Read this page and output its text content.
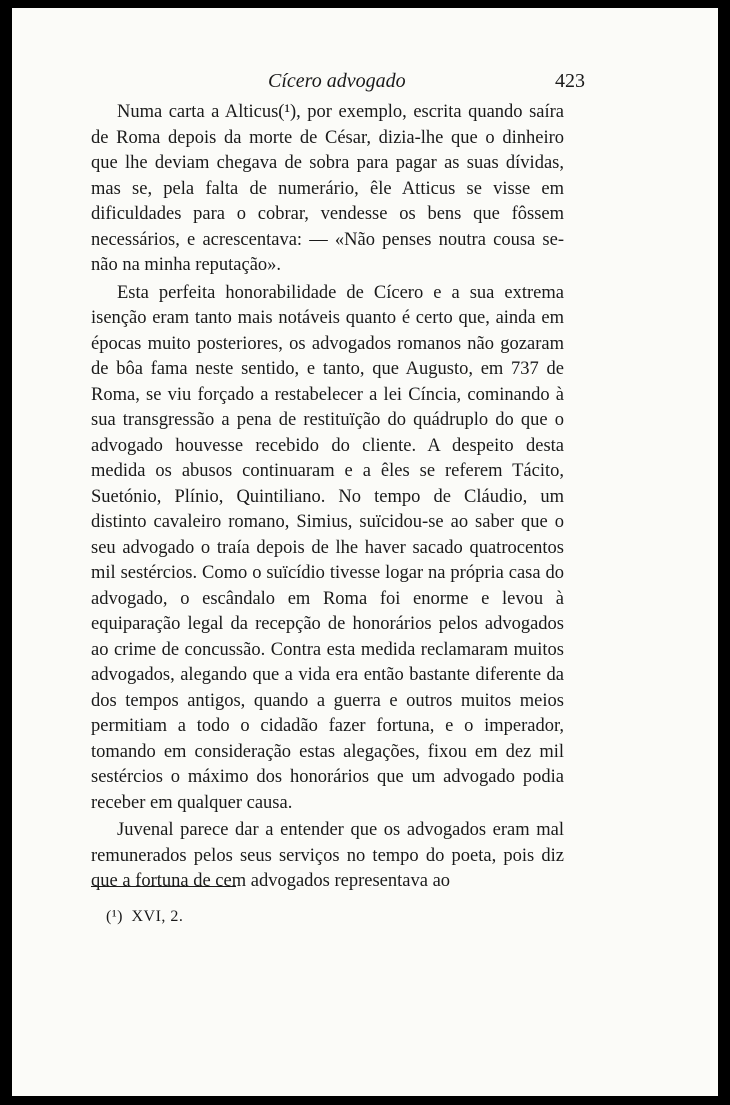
Cícero advogado	423

Numa carta a Alticus(¹), por exemplo, escrita quando saíra de Roma depois da morte de César, dizia-lhe que o dinheiro que lhe deviam chegava de sobra para pagar as suas dívidas, mas se, pela falta de numerário, êle Atticus se visse em dificuldades para o cobrar, vendesse os bens que fôssem necessários, e acrescentava: — «Não penses noutra cousa senão na minha reputação».

Esta perfeita honorabilidade de Cícero e a sua extrema isenção eram tanto mais notáveis quanto é certo que, ainda em épocas muito posteriores, os advogados romanos não gozaram de bôa fama neste sentido, e tanto, que Augusto, em 737 de Roma, se viu forçado a restabelecer a lei Cíncia, cominando à sua transgressão a pena de restituïção do quádruplo do que o advogado houvesse recebido do cliente. A despeito desta medida os abusos continuaram e a êles se referem Tácito, Suetónio, Plínio, Quintiliano. No tempo de Cláudio, um distinto cavaleiro romano, Simius, suïcidou-se ao saber que o seu advogado o traía depois de lhe haver sacado quatrocentos mil sestércios. Como o suïcídio tivesse logar na própria casa do advogado, o escândalo em Roma foi enorme e levou à equiparação legal da recepção de honorários pelos advogados ao crime de concussão. Contra esta medida reclamaram muitos advogados, alegando que a vida era então bastante diferente da dos tempos antigos, quando a guerra e outros muitos meios permitiam a todo o cidadão fazer fortuna, e o imperador, tomando em consideração estas alegações, fixou em dez mil sestércios o máximo dos honorários que um advogado podia receber em qualquer causa.

Juvenal parece dar a entender que os advogados eram mal remunerados pelos seus serviços no tempo do poeta, pois diz que a fortuna de cem advogados representava ao

(¹) XVI, 2.
